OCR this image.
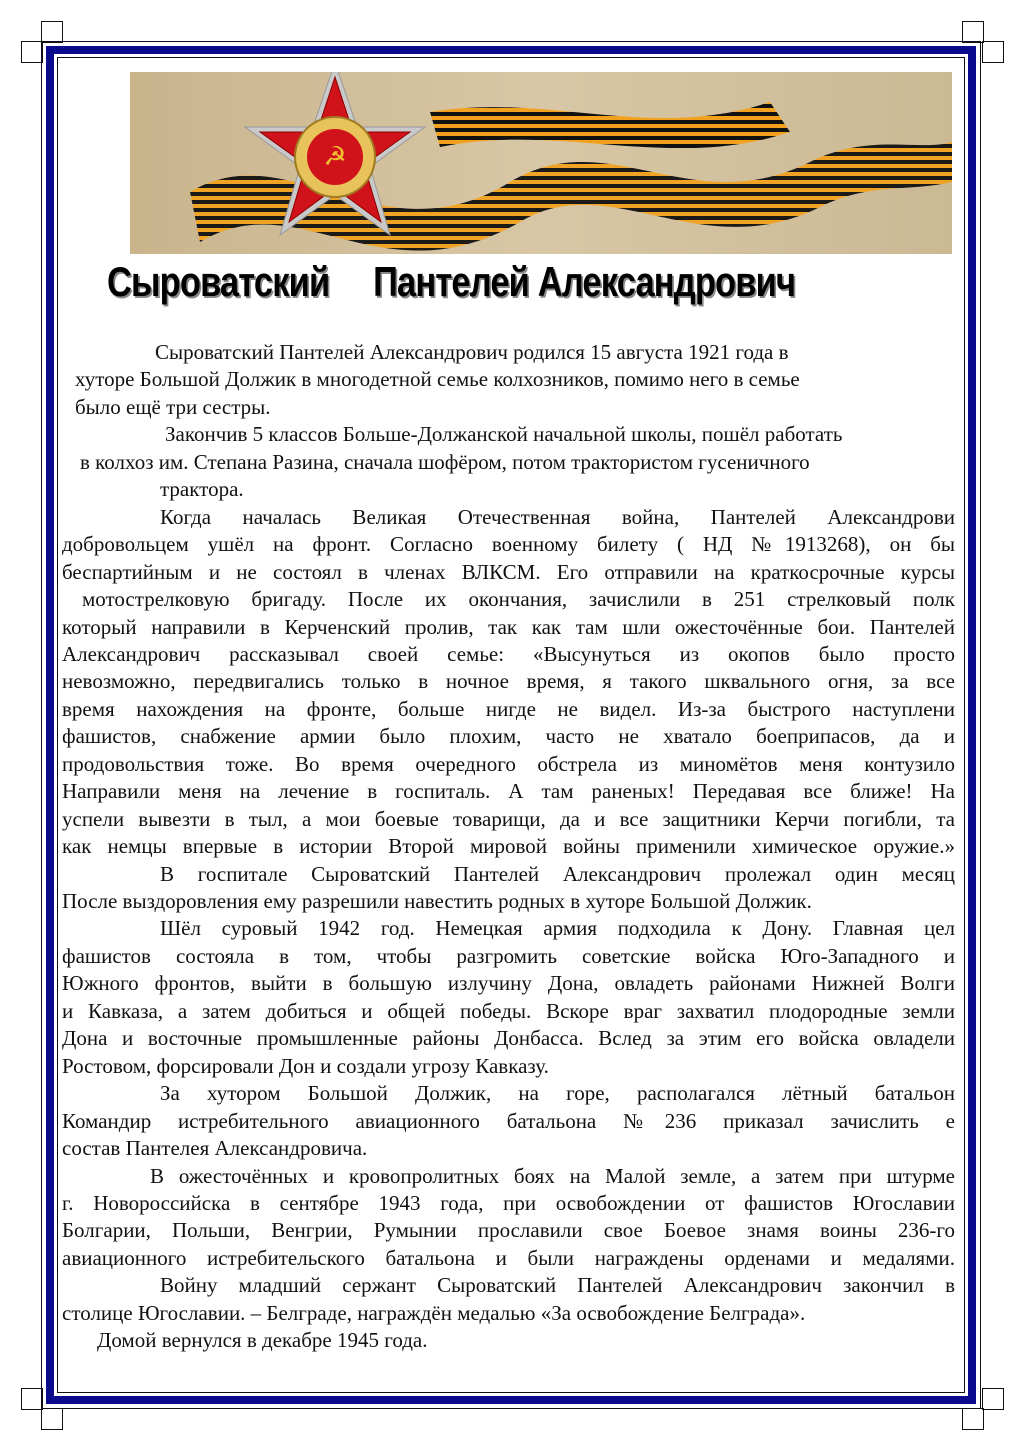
☭
Сыроватский     Пантелей Александрович
Сыроватский Пантелей Александрович родился 15 августа 1921 года в
хуторе Большой Должик в многодетной семье колхозников, помимо него в семье
было ещё три сестры.
Закончив 5 классов Больше-Должанской начальной школы, пошёл работать
в колхоз им. Степана Разина, сначала шофёром, потом трактористом гусеничного
трактора.
Когда началась Великая Отечественная война, Пантелей Александрови
добровольцем ушёл на фронт. Согласно военному билету ( НД №1913268), он бы
беспартийным и не состоял в членах ВЛКСМ. Его отправили на краткосрочные курсы
мотострелковую бригаду. После их окончания, зачислили в 251 стрелковый полк
который направили в Керченский пролив, так как там шли ожесточённые бои. Пантелей
Александрович рассказывал своей семье: «Высунуться из окопов было просто
невозможно, передвигались только в ночное время, я такого шквального огня, за все
время нахождения на фронте, больше нигде не видел. Из-за быстрого наступлени
фашистов, снабжение армии было плохим, часто не хватало боеприпасов, да и
продовольствия тоже. Во время очередного обстрела из миномётов меня контузило
Направили меня на лечение в госпиталь. А там раненых! Передавая все ближе! На
успели вывезти в тыл, а мои боевые товарищи, да и все защитники Керчи погибли, та
как немцы впервые в истории Второй мировой войны применили химическое оружие.»
В госпитале Сыроватский Пантелей Александрович пролежал один месяц
После выздоровления ему разрешили навестить родных в хуторе Большой Должик.
Шёл суровый 1942 год. Немецкая армия подходила к Дону. Главная цел
фашистов состояла в том, чтобы разгромить советские войска Юго-Западного и
Южного фронтов, выйти в большую излучину Дона, овладеть районами Нижней Волги
и Кавказа, а затем добиться и общей победы. Вскоре враг захватил плодородные земли
Дона и восточные промышленные районы Донбасса. Вслед за этим его войска овладели
Ростовом, форсировали Дон и создали угрозу Кавказу.
За хутором Большой Должик, на горе, располагался лётный батальон
Командир истребительного авиационного батальона №236 приказал зачислить е
состав Пантелея Александровича.
В ожесточённых и кровопролитных боях на Малой земле, а затем при штурме
г. Новороссийска в сентябре 1943 года, при освобождении от фашистов Югославии
Болгарии, Польши, Венгрии, Румынии прославили свое Боевое знамя воины 236-го
авиационного истребительского батальона и были награждены орденами и медалями.
Войну младший сержант Сыроватский Пантелей Александрович закончил в
столице Югославии. – Белграде, награждён медалью «За освобождение Белграда».
Домой вернулся в декабре 1945 года.
